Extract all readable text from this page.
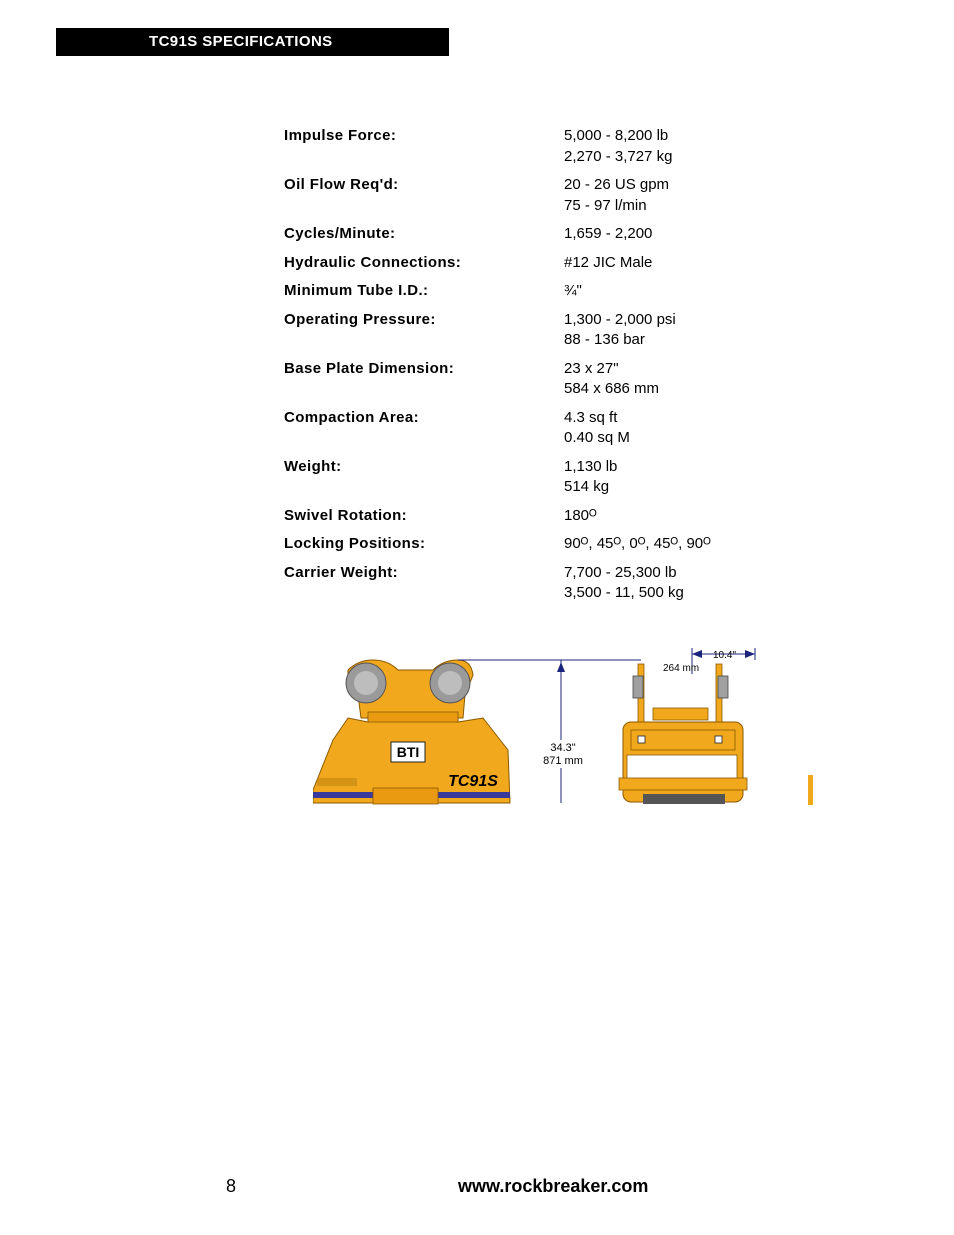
TC91S SPECIFICATIONS
Impulse Force:	5,000 - 8,200 lb
2,270 - 3,727 kg
Oil Flow Req'd:	20 - 26 US gpm
75 - 97 l/min
Cycles/Minute:	1,659 - 2,200
Hydraulic Connections:	#12 JIC Male
Minimum Tube I.D.:	¾"
Operating Pressure:	1,300 - 2,000 psi
88 - 136 bar
Base Plate Dimension:	23 x 27"
584 x 686 mm
Compaction Area:	4.3 sq ft
0.40 sq M
Weight:	1,130 lb
514 kg
Swivel Rotation:	180ᴼ
Locking Positions:	90ᴼ, 45ᴼ, 0ᴼ, 45ᴼ, 90ᴼ
Carrier Weight:	7,700 - 25,300 lb
3,500 - 11, 500 kg
BTI
TC91S
34.3"
871 mm
10.4"
264 mm
8	www.rockbreaker.com
